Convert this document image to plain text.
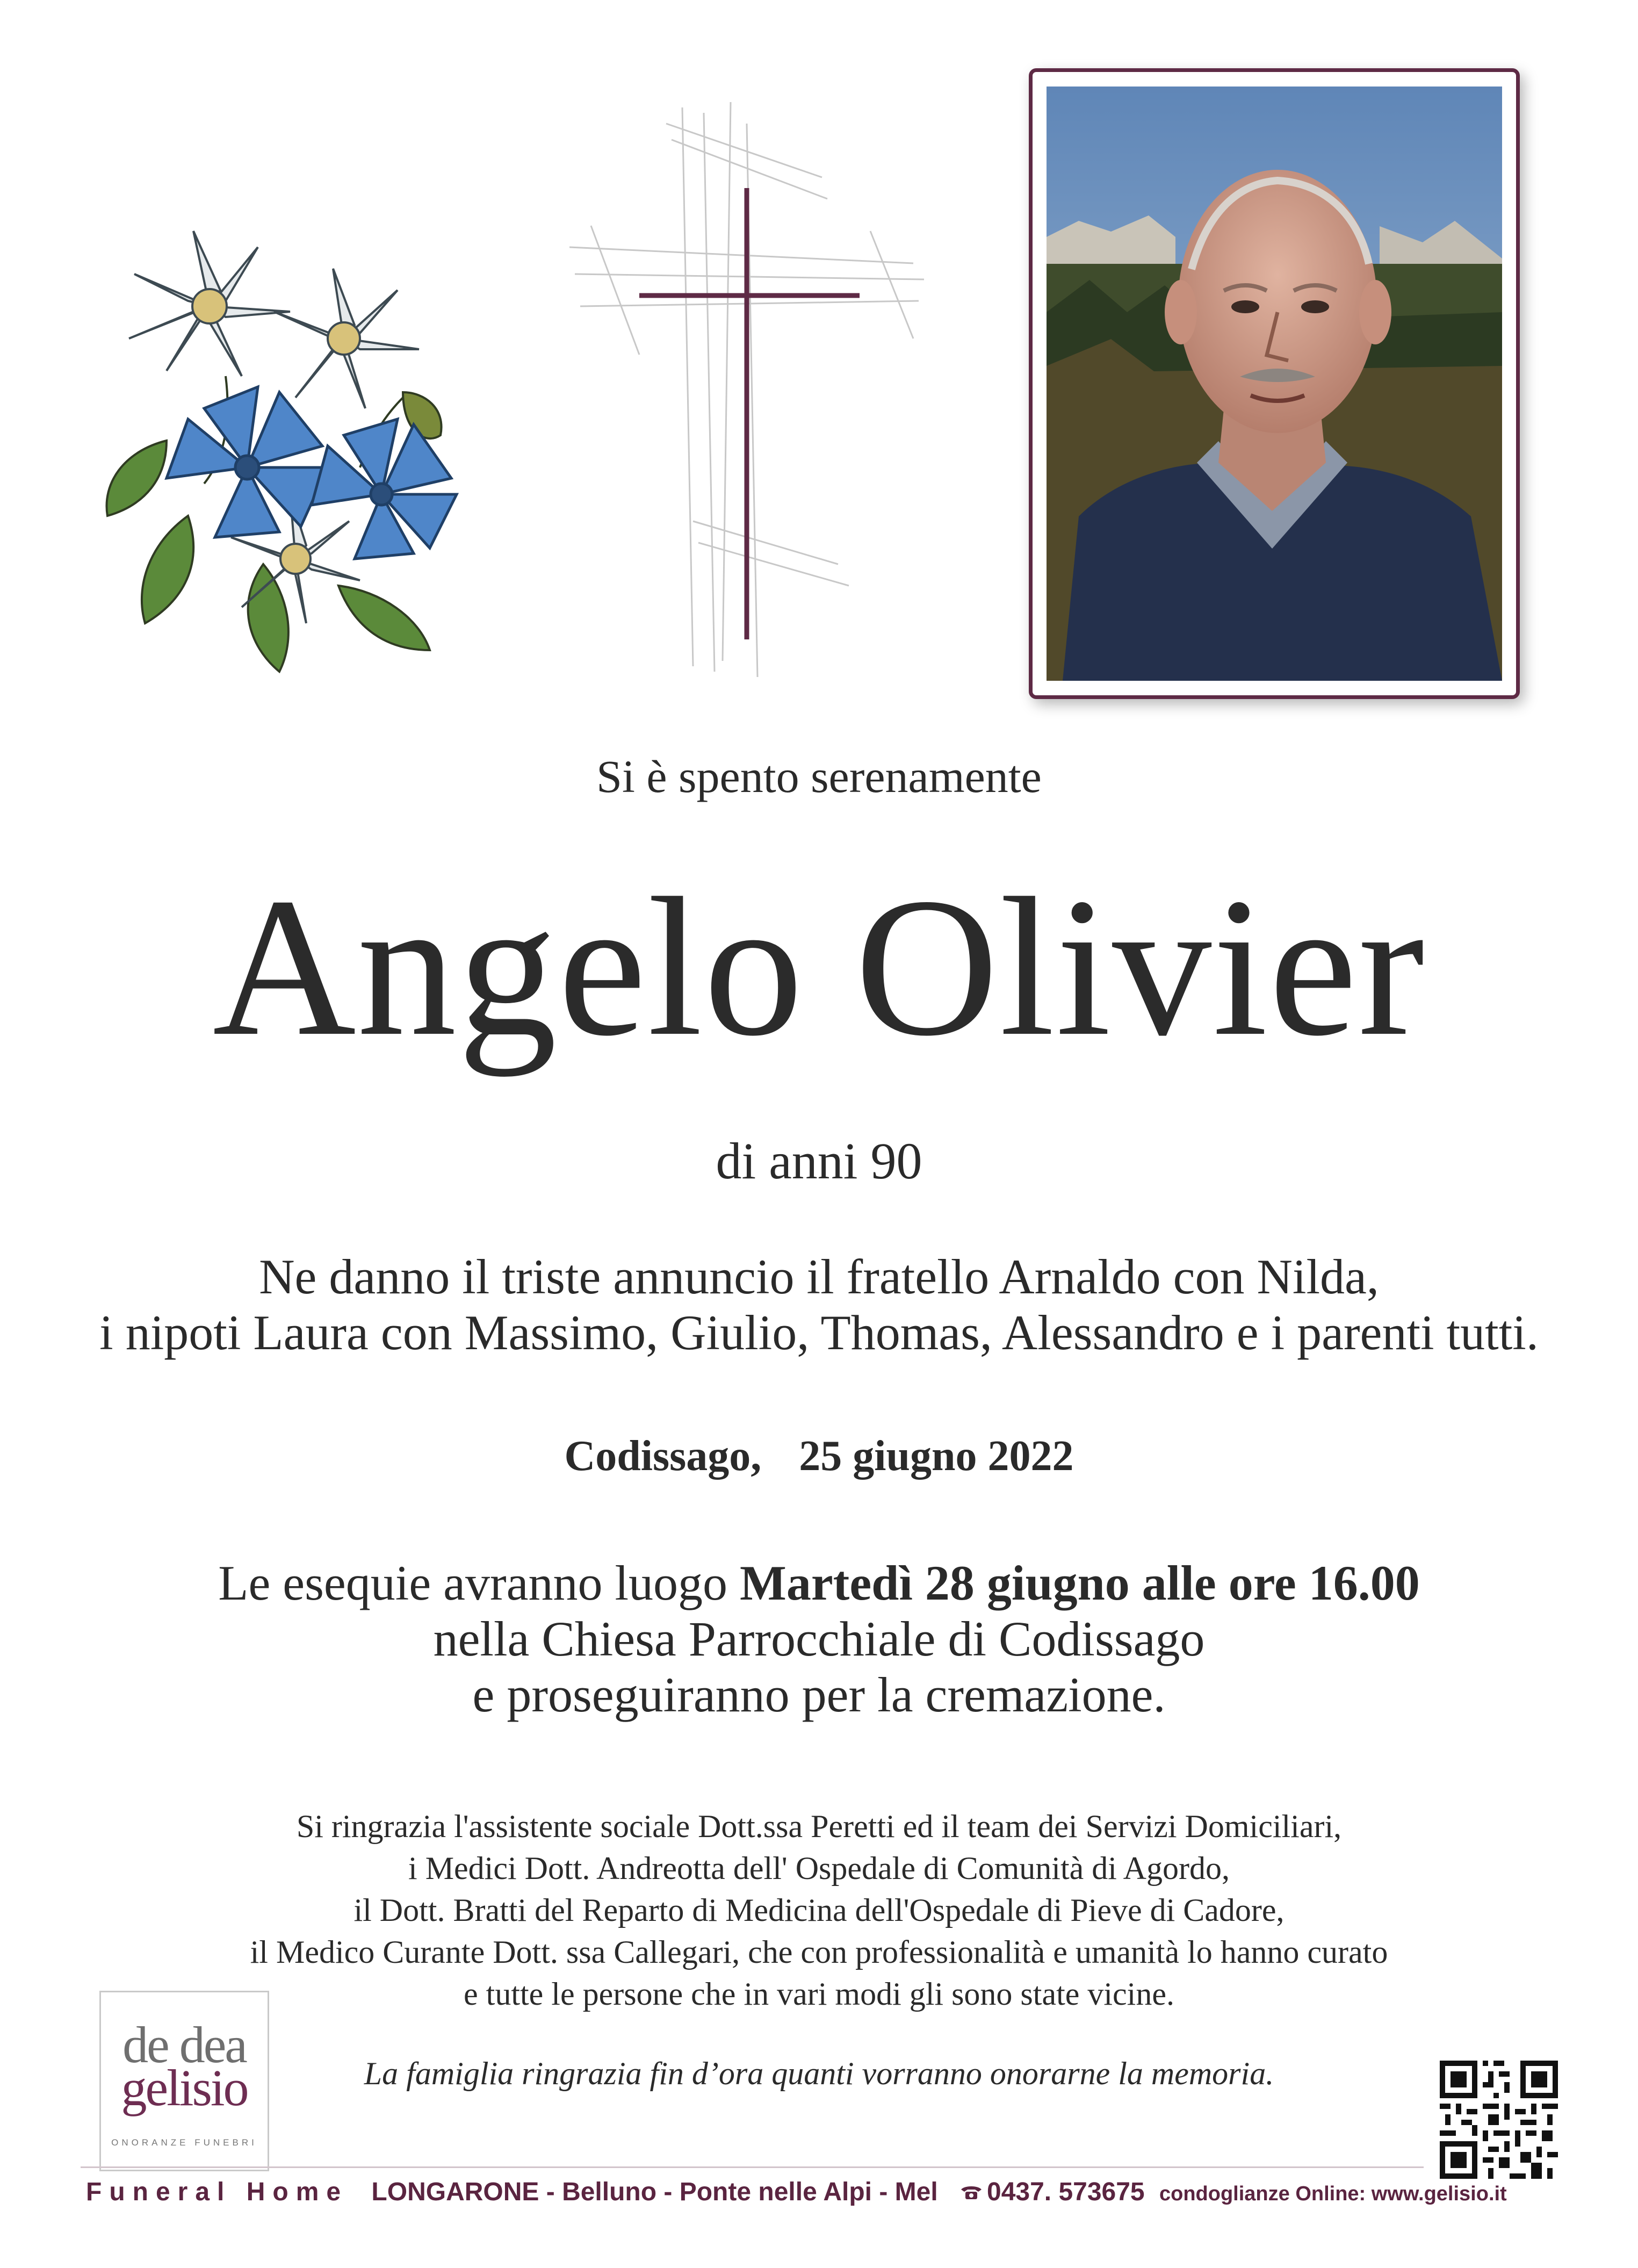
Si è spento serenamente
Angelo Olivier
di anni 90
Ne danno il triste annuncio il fratello Arnaldo con Nilda,
i nipoti Laura con Massimo, Giulio, Thomas, Alessandro e i parenti tutti.
Codissago, 25 giugno 2022
Le esequie avranno luogo Martedì 28 giugno alle ore 16.00
nella Chiesa Parrocchiale di Codissago
e proseguiranno per la cremazione.
Si ringrazia l'assistente sociale Dott.ssa Peretti ed il team dei Servizi Domiciliari,
i Medici Dott. Andreotta dell' Ospedale di Comunità di Agordo,
il Dott. Bratti del Reparto di Medicina dell'Ospedale di Pieve di Cadore,
il Medico Curante Dott. ssa Callegari, che con professionalità e umanità lo hanno curato
e tutte le persone che in vari modi gli sono state vicine.
La famiglia ringrazia fin d’ora quanti vorranno onorarne la memoria.
de dea
gelisio
ONORANZE FUNEBRI
Funeral Home LONGARONE - Belluno - Ponte nelle Alpi - Mel 0437. 573675 condoglianze Online: www.gelisio.it
